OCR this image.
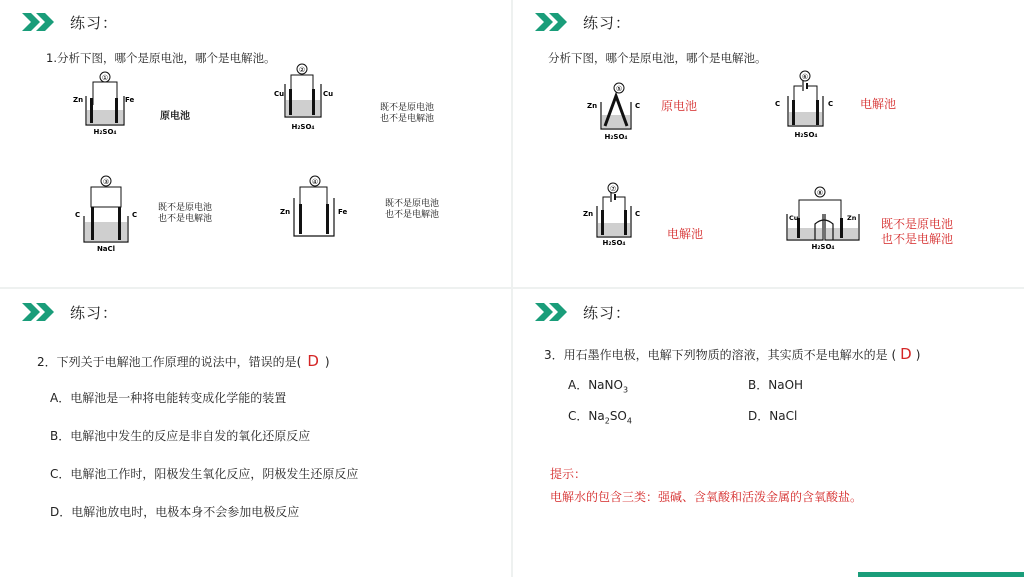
练习：
1.分析下图，哪个是原电池，哪个是电解池。
①
Zn	Fe
H₂SO₄
原电池
②
Cu	Cu
H₂SO₄
既不是原电池
也不是电解池
③
C	C
NaCl
既不是原电池
也不是电解池
④
Zn	Fe
既不是原电池
也不是电解池
练习：
分析下图，哪个是原电池，哪个是电解池。
⑤
Zn	C
H₂SO₄
原电池
⑥
C	C
H₂SO₄
电解池
⑦
Zn	C
H₂SO₄
电解池
⑧
Cu	Zn
H₂SO₄
既不是原电池
也不是电解池
练习：
2．下列关于电解池工作原理的说法中，错误的是( D )
A．电解池是一种将电能转变成化学能的装置
B．电解池中发生的反应是非自发的氧化还原反应
C．电解池工作时，阳极发生氧化反应，阴极发生还原反应
D．电解池放电时，电极本身不会参加电极反应
练习：
3．用石墨作电极，电解下列物质的溶液，其实质不是电解水的是 ( D )
A．NaNO$_3$	B．NaOH
C．$Na_2SO_4$	D．NaCl
提示：
电解水的包含三类：强碱、含氧酸和活泼金属的含氧酸盐。
